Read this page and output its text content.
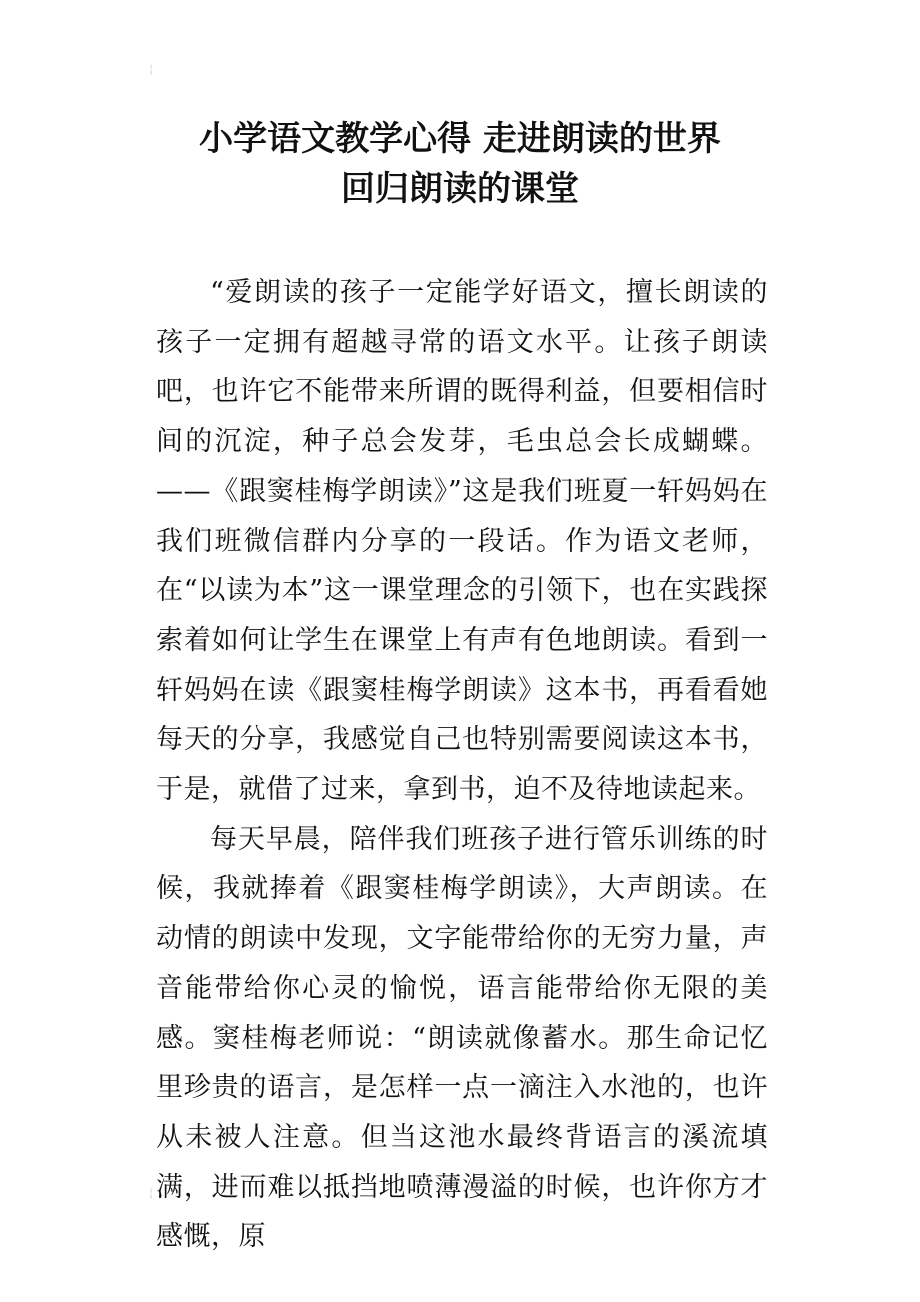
╎
小学语文教学心得 走进朗读的世界
回归朗读的课堂

“爱朗读的孩子一定能学好语文，擅长朗读的孩子一定拥有超越寻常的语文水平。让孩子朗读吧，也许它不能带来所谓的既得利益，但要相信时间的沉淀，种子总会发芽，毛虫总会长成蝴蝶。——《跟窦桂梅学朗读》”这是我们班夏一轩妈妈在我们班微信群内分享的一段话。作为语文老师，在“以读为本”这一课堂理念的引领下，也在实践探索着如何让学生在课堂上有声有色地朗读。看到一轩妈妈在读《跟窦桂梅学朗读》这本书，再看看她每天的分享，我感觉自己也特别需要阅读这本书，于是，就借了过来，拿到书，迫不及待地读起来。

每天早晨，陪伴我们班孩子进行管乐训练的时候，我就捧着《跟窦桂梅学朗读》，大声朗读。在动情的朗读中发现，文字能带给你的无穷力量，声音能带给你心灵的愉悦，语言能带给你无限的美感。窦桂梅老师说：“朗读就像蓄水。那生命记忆里珍贵的语言，是怎样一点一滴注入水池的，也许从未被人注意。但当这池水最终背语言的溪流填满，进而难以抵挡地喷薄漫溢的时候，也许你方才感慨，原

╎
